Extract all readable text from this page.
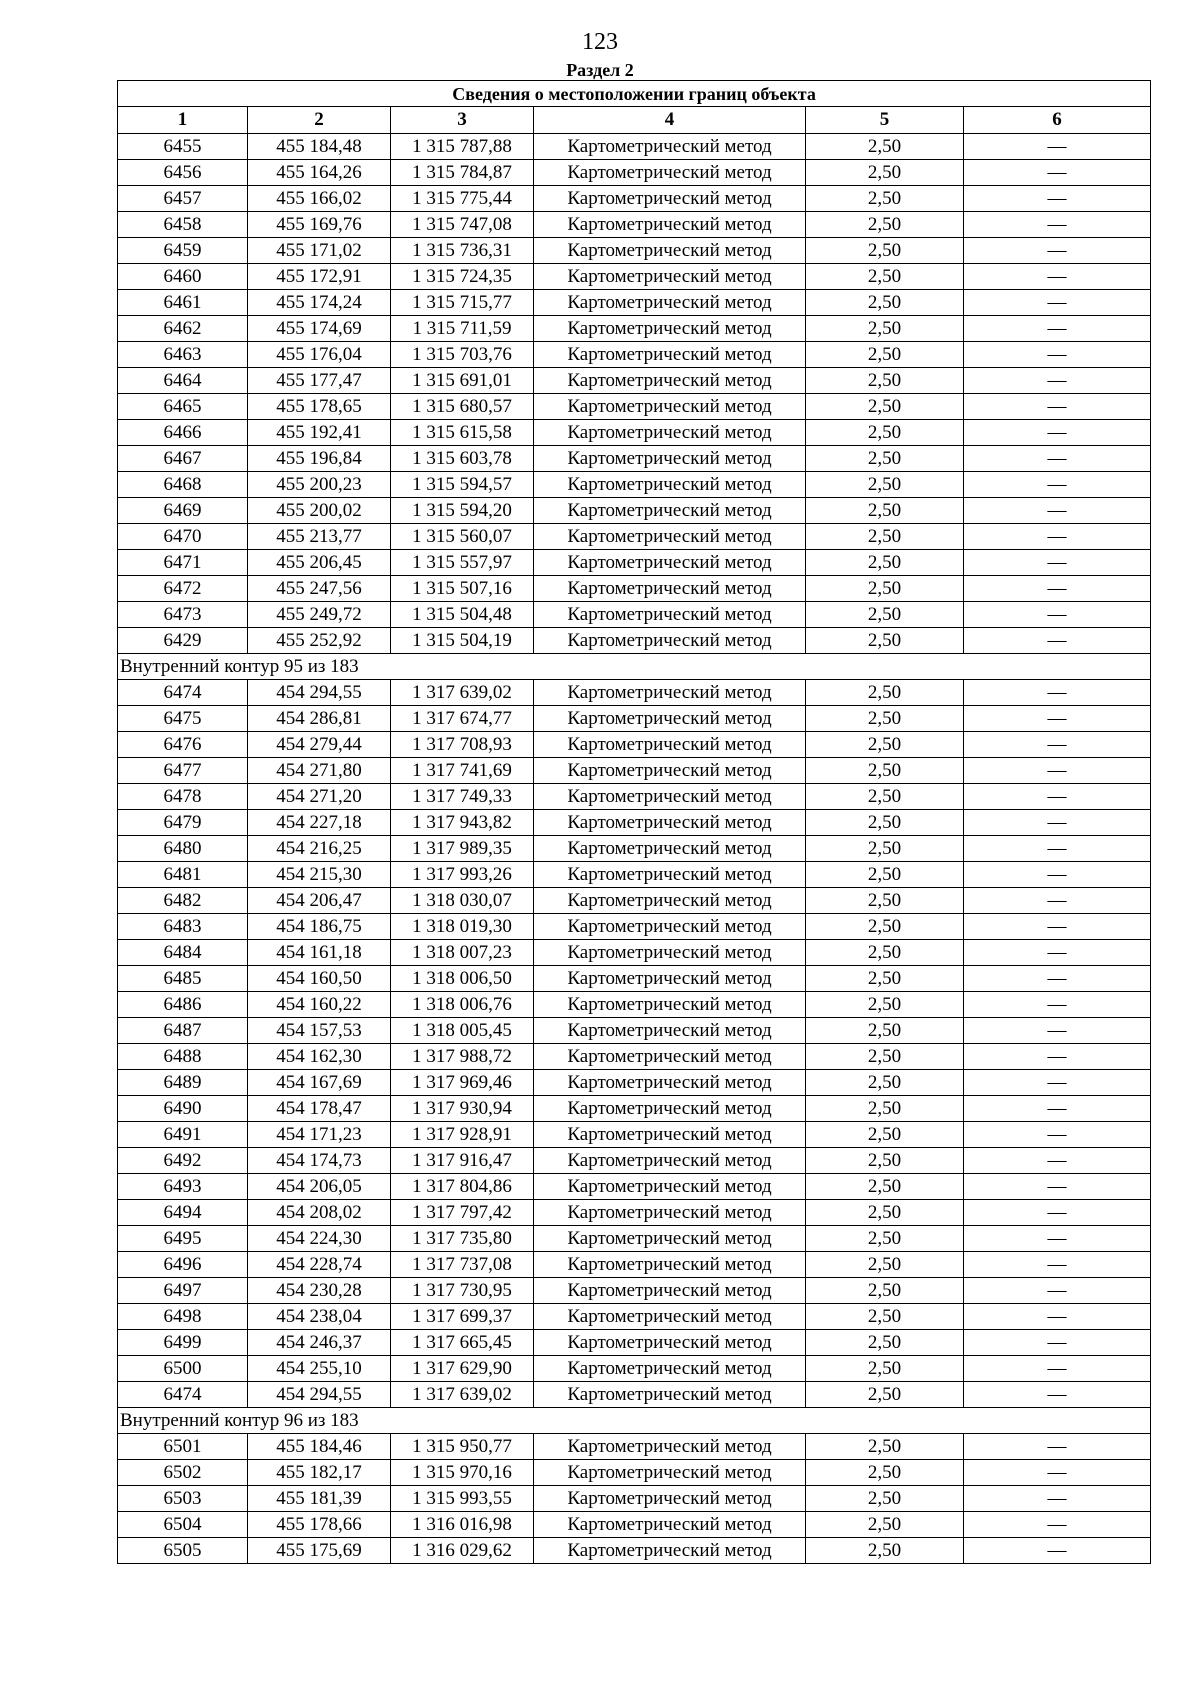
123
Раздел 2
Сведения о местоположении границ объекта					
1	2	3	4	5	6
6455	455 184,48	1 315 787,88	Картометрический метод	2,50	—
6456	455 164,26	1 315 784,87	Картометрический метод	2,50	—
6457	455 166,02	1 315 775,44	Картометрический метод	2,50	—
6458	455 169,76	1 315 747,08	Картометрический метод	2,50	—
6459	455 171,02	1 315 736,31	Картометрический метод	2,50	—
6460	455 172,91	1 315 724,35	Картометрический метод	2,50	—
6461	455 174,24	1 315 715,77	Картометрический метод	2,50	—
6462	455 174,69	1 315 711,59	Картометрический метод	2,50	—
6463	455 176,04	1 315 703,76	Картометрический метод	2,50	—
6464	455 177,47	1 315 691,01	Картометрический метод	2,50	—
6465	455 178,65	1 315 680,57	Картометрический метод	2,50	—
6466	455 192,41	1 315 615,58	Картометрический метод	2,50	—
6467	455 196,84	1 315 603,78	Картометрический метод	2,50	—
6468	455 200,23	1 315 594,57	Картометрический метод	2,50	—
6469	455 200,02	1 315 594,20	Картометрический метод	2,50	—
6470	455 213,77	1 315 560,07	Картометрический метод	2,50	—
6471	455 206,45	1 315 557,97	Картометрический метод	2,50	—
6472	455 247,56	1 315 507,16	Картометрический метод	2,50	—
6473	455 249,72	1 315 504,48	Картометрический метод	2,50	—
6429	455 252,92	1 315 504,19	Картометрический метод	2,50	—
Внутренний контур 95 из 183					
6474	454 294,55	1 317 639,02	Картометрический метод	2,50	—
6475	454 286,81	1 317 674,77	Картометрический метод	2,50	—
6476	454 279,44	1 317 708,93	Картометрический метод	2,50	—
6477	454 271,80	1 317 741,69	Картометрический метод	2,50	—
6478	454 271,20	1 317 749,33	Картометрический метод	2,50	—
6479	454 227,18	1 317 943,82	Картометрический метод	2,50	—
6480	454 216,25	1 317 989,35	Картометрический метод	2,50	—
6481	454 215,30	1 317 993,26	Картометрический метод	2,50	—
6482	454 206,47	1 318 030,07	Картометрический метод	2,50	—
6483	454 186,75	1 318 019,30	Картометрический метод	2,50	—
6484	454 161,18	1 318 007,23	Картометрический метод	2,50	—
6485	454 160,50	1 318 006,50	Картометрический метод	2,50	—
6486	454 160,22	1 318 006,76	Картометрический метод	2,50	—
6487	454 157,53	1 318 005,45	Картометрический метод	2,50	—
6488	454 162,30	1 317 988,72	Картометрический метод	2,50	—
6489	454 167,69	1 317 969,46	Картометрический метод	2,50	—
6490	454 178,47	1 317 930,94	Картометрический метод	2,50	—
6491	454 171,23	1 317 928,91	Картометрический метод	2,50	—
6492	454 174,73	1 317 916,47	Картометрический метод	2,50	—
6493	454 206,05	1 317 804,86	Картометрический метод	2,50	—
6494	454 208,02	1 317 797,42	Картометрический метод	2,50	—
6495	454 224,30	1 317 735,80	Картометрический метод	2,50	—
6496	454 228,74	1 317 737,08	Картометрический метод	2,50	—
6497	454 230,28	1 317 730,95	Картометрический метод	2,50	—
6498	454 238,04	1 317 699,37	Картометрический метод	2,50	—
6499	454 246,37	1 317 665,45	Картометрический метод	2,50	—
6500	454 255,10	1 317 629,90	Картометрический метод	2,50	—
6474	454 294,55	1 317 639,02	Картометрический метод	2,50	—
Внутренний контур 96 из 183					
6501	455 184,46	1 315 950,77	Картометрический метод	2,50	—
6502	455 182,17	1 315 970,16	Картометрический метод	2,50	—
6503	455 181,39	1 315 993,55	Картометрический метод	2,50	—
6504	455 178,66	1 316 016,98	Картометрический метод	2,50	—
6505	455 175,69	1 316 029,62	Картометрический метод	2,50	—
